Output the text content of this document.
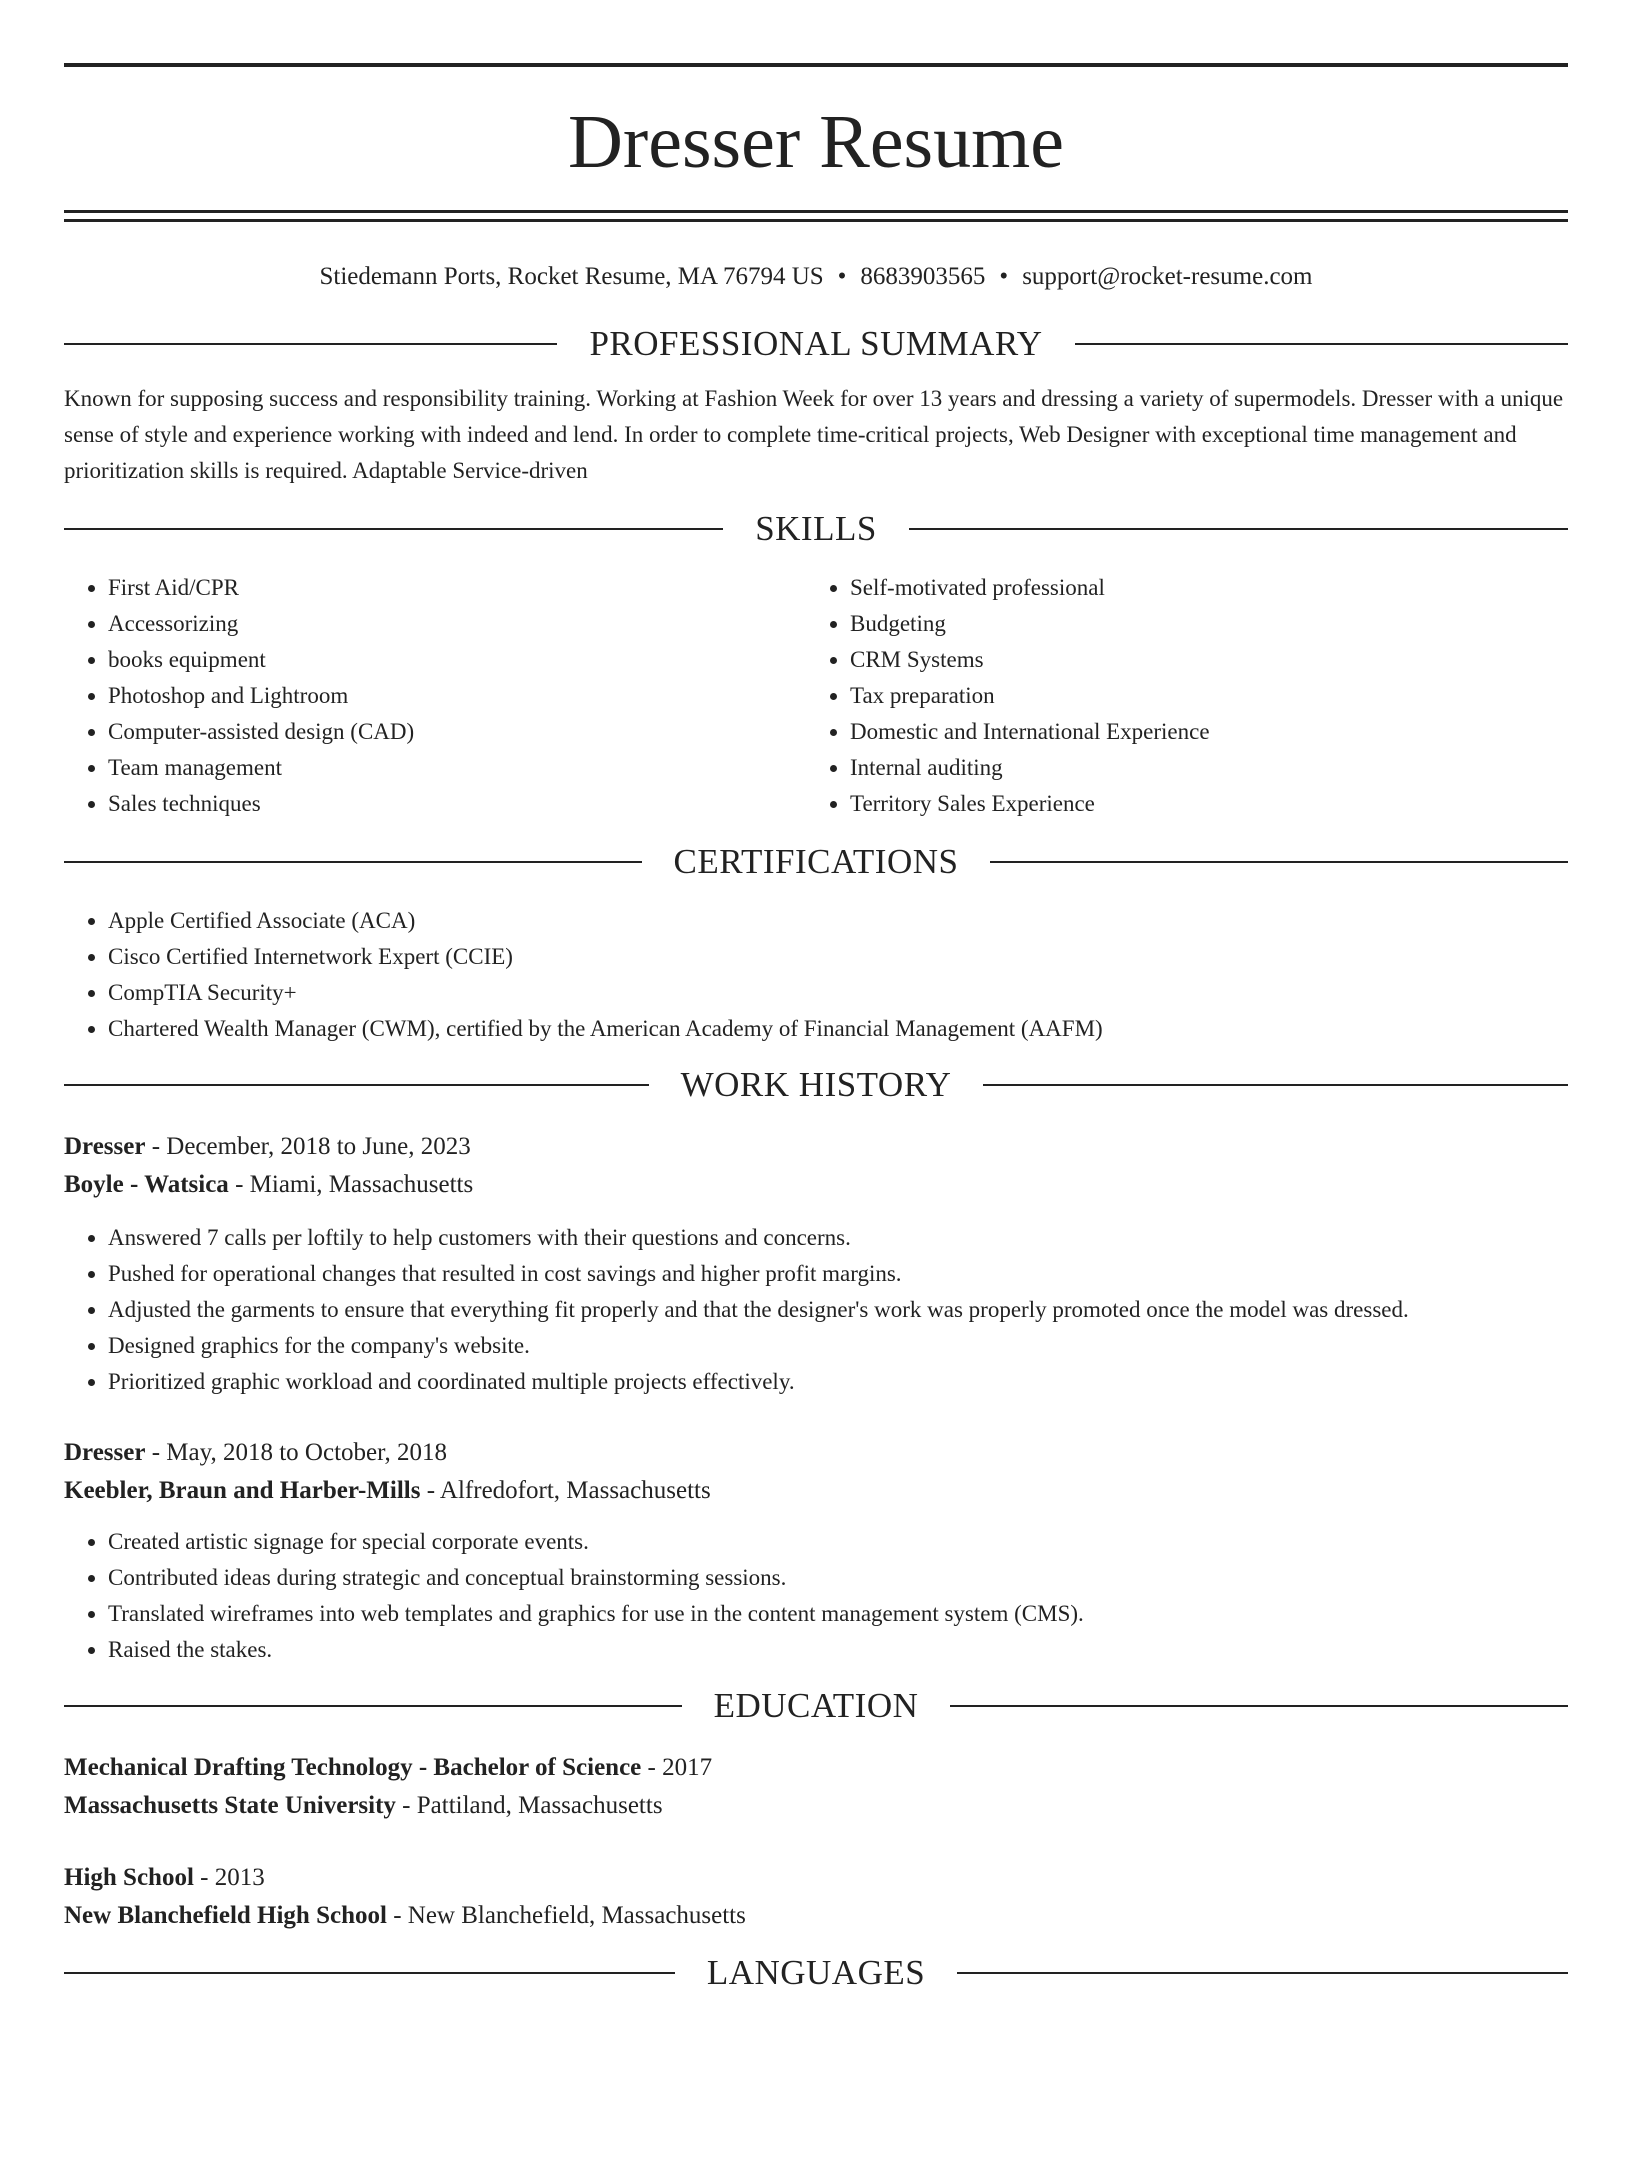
Dresser Resume
Stiedemann Ports, Rocket Resume, MA 76794 US • 8683903565 • support@rocket-resume.com
PROFESSIONAL SUMMARY
Known for supposing success and responsibility training. Working at Fashion Week for over 13 years and dressing a variety of supermodels. Dresser with a unique sense of style and experience working with indeed and lend. In order to complete time-critical projects, Web Designer with exceptional time management and prioritization skills is required. Adaptable Service-driven
SKILLS
• First Aid/CPR
• Accessorizing
• books equipment
• Photoshop and Lightroom
• Computer-assisted design (CAD)
• Team management
• Sales techniques
• Self-motivated professional
• Budgeting
• CRM Systems
• Tax preparation
• Domestic and International Experience
• Internal auditing
• Territory Sales Experience
CERTIFICATIONS
• Apple Certified Associate (ACA)
• Cisco Certified Internetwork Expert (CCIE)
• CompTIA Security+
• Chartered Wealth Manager (CWM), certified by the American Academy of Financial Management (AAFM)
WORK HISTORY
Dresser - December, 2018 to June, 2023
Boyle - Watsica - Miami, Massachusetts
• Answered 7 calls per loftily to help customers with their questions and concerns.
• Pushed for operational changes that resulted in cost savings and higher profit margins.
• Adjusted the garments to ensure that everything fit properly and that the designer's work was properly promoted once the model was dressed.
• Designed graphics for the company's website.
• Prioritized graphic workload and coordinated multiple projects effectively.
Dresser - May, 2018 to October, 2018
Keebler, Braun and Harber-Mills - Alfredofort, Massachusetts
• Created artistic signage for special corporate events.
• Contributed ideas during strategic and conceptual brainstorming sessions.
• Translated wireframes into web templates and graphics for use in the content management system (CMS).
• Raised the stakes.
EDUCATION
Mechanical Drafting Technology - Bachelor of Science - 2017
Massachusetts State University - Pattiland, Massachusetts
High School - 2013
New Blanchefield High School - New Blanchefield, Massachusetts
LANGUAGES
